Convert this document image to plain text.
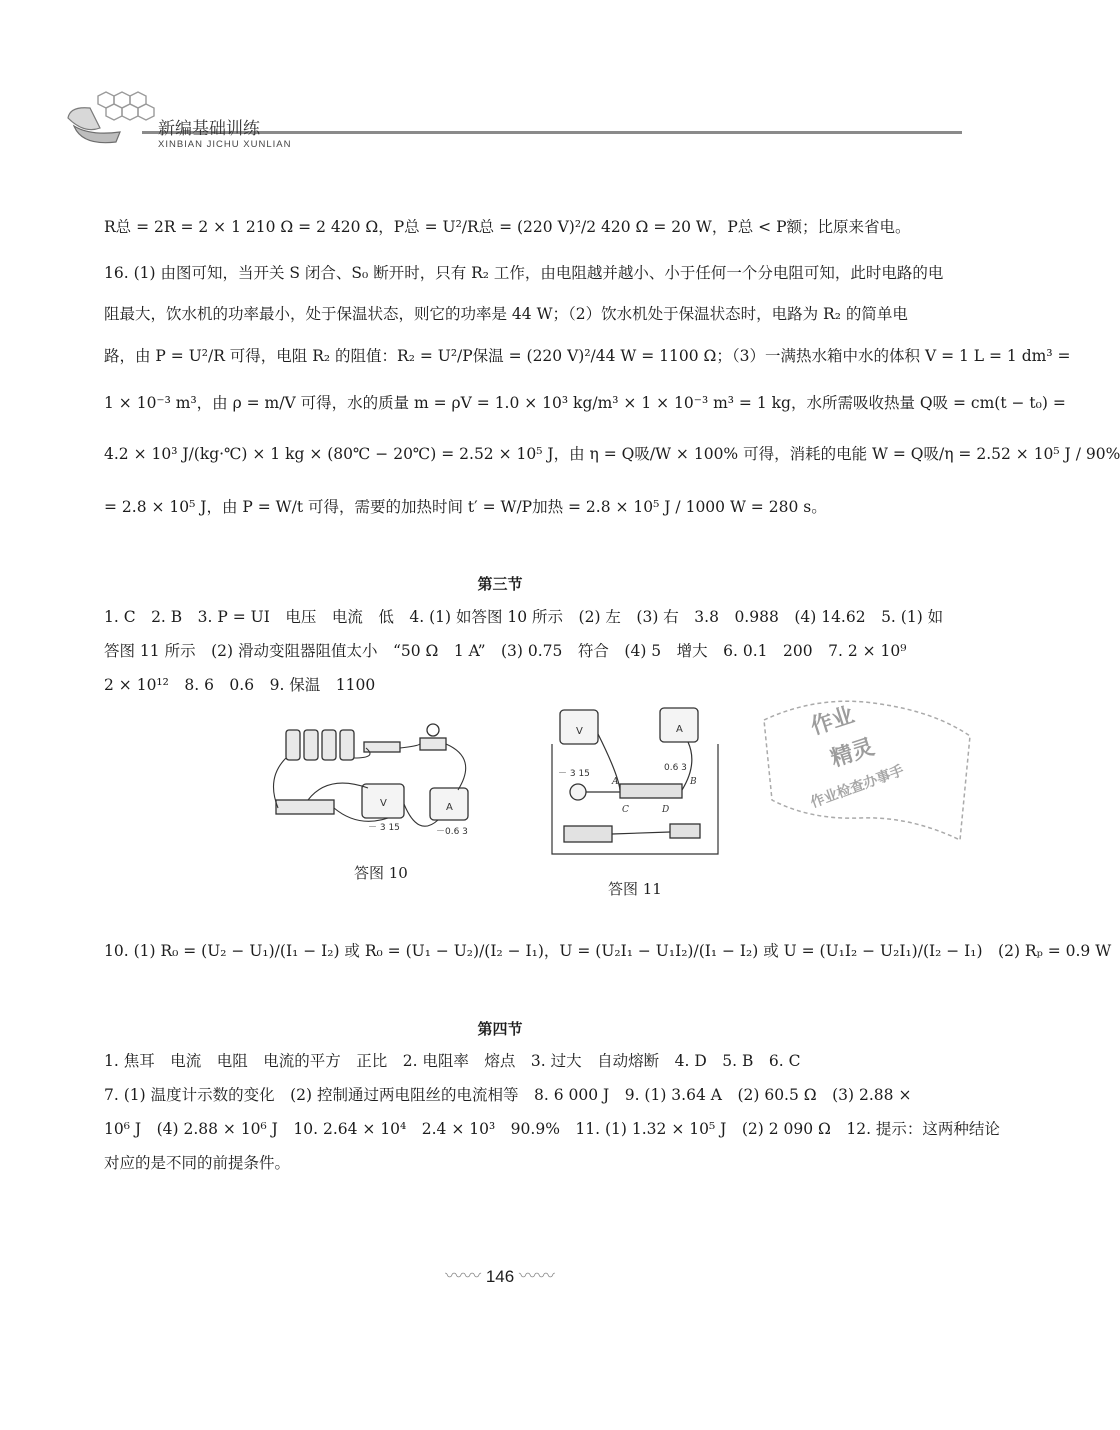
新编基础训练
XINBIAN JICHU XUNLIAN
R总 = 2R = 2 × 1 210 Ω = 2 420 Ω，P总 = U²/R总 = (220 V)²/2 420 Ω = 20 W，P总 < P额；比原来省电。
16. (1) 由图可知，当开关 S 闭合、S₀ 断开时，只有 R₂ 工作，由电阻越并越小、小于任何一个分电阻可知，此时电路的电
阻最大，饮水机的功率最小，处于保温状态，则它的功率是 44 W；（2）饮水机处于保温状态时，电路为 R₂ 的简单电
路，由 P = U²/R 可得，电阻 R₂ 的阻值：R₂ = U²/P保温 = (220 V)²/44 W = 1100 Ω；（3）一满热水箱中水的体积 V = 1 L = 1 dm³ =
1 × 10⁻³ m³，由 ρ = m/V 可得，水的质量 m = ρV = 1.0 × 10³ kg/m³ × 1 × 10⁻³ m³ = 1 kg，水所需吸收热量 Q吸 = cm(t − t₀) =
4.2 × 10³ J/(kg·℃) × 1 kg × (80℃ − 20℃) = 2.52 × 10⁵ J，由 η = Q吸/W × 100% 可得，消耗的电能 W = Q吸/η = 2.52 × 10⁵ J / 90%
= 2.8 × 10⁵ J，由 P = W/t 可得，需要的加热时间 t′ = W/P加热 = 2.8 × 10⁵ J / 1000 W = 280 s。
第三节
1. C　2. B　3. P = UI　电压　电流　低　4. (1) 如答图 10 所示　(2) 左　(3) 右　3.8　0.988　(4) 14.62　5. (1) 如
答图 11 所示　(2) 滑动变阻器阻值太小　“50 Ω　1 A”　(3) 0.75　符合　(4) 5　增大　6. 0.1　200　7. 2 × 10⁹
2 × 10¹²　8. 6　0.6　9. 保温　1100
V	A
－ 3 15	－0.6 3
答图 10
V	A
－ 3 15
0.6 3
A	B
C	D
答图 11
作业
精灵
作业检查办事手
10. (1) R₀ = (U₂ − U₁)/(I₁ − I₂) 或 R₀ = (U₁ − U₂)/(I₂ − I₁)，U = (U₂I₁ − U₁I₂)/(I₁ − I₂) 或 U = (U₁I₂ − U₂I₁)/(I₂ − I₁)　(2) Rₚ = 0.9 W
第四节
1. 焦耳　电流　电阻　电流的平方　正比　2. 电阻率　熔点　3. 过大　自动熔断　4. D　5. B　6. C
7. (1) 温度计示数的变化　(2) 控制通过两电阻丝的电流相等　8. 6 000 J　9. (1) 3.64 A　(2) 60.5 Ω　(3) 2.88 ×
10⁶ J　(4) 2.88 × 10⁶ J　10. 2.64 × 10⁴　2.4 × 10³　90.9%　11. (1) 1.32 × 10⁵ J　(2) 2 090 Ω　12. 提示：这两种结论
对应的是不同的前提条件。
〰〰 146 〰〰
